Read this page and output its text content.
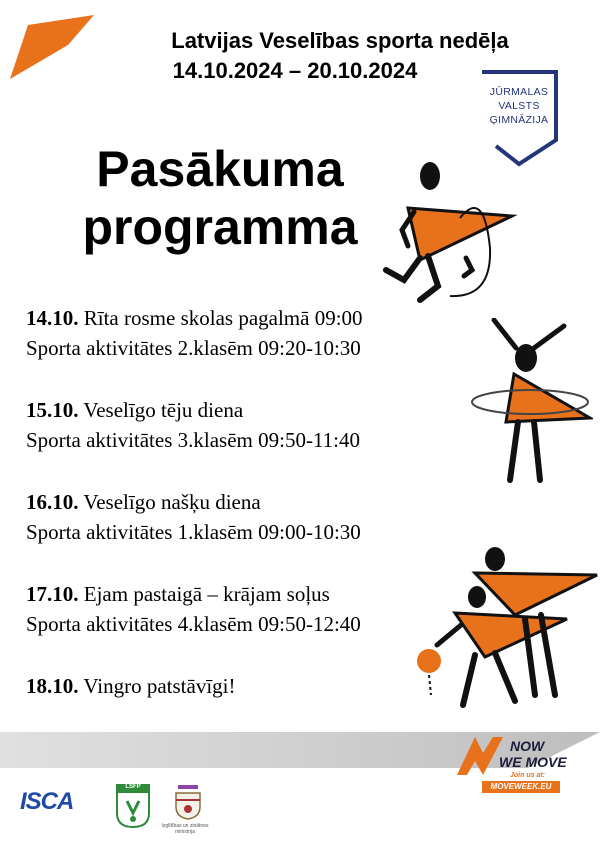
Latvijas Veselības sporta nedēļa
14.10.2024 – 20.10.2024
JŪRMALAS
VALSTS
ĢIMNĀZIJA
Pasākuma
programma
14.10. Rīta rosme skolas pagalmā 09:00
Sporta aktivitātes 2.klasēm 09:20-10:30
15.10. Veselīgo tēju diena
Sporta aktivitātes 3.klasēm 09:50-11:40
16.10. Veselīgo našķu diena
Sporta aktivitātes 1.klasēm 09:00-10:30
17.10. Ejam pastaigā – krājam soļus
Sporta aktivitātes 4.klasēm 09:50-12:40
18.10. Vingro patstāvīgi!
NOW
WE MOVE
Join us at:
MOVEWEEK.EU
ISCA
LSFP
Izglītības un zinātnes ministrija
